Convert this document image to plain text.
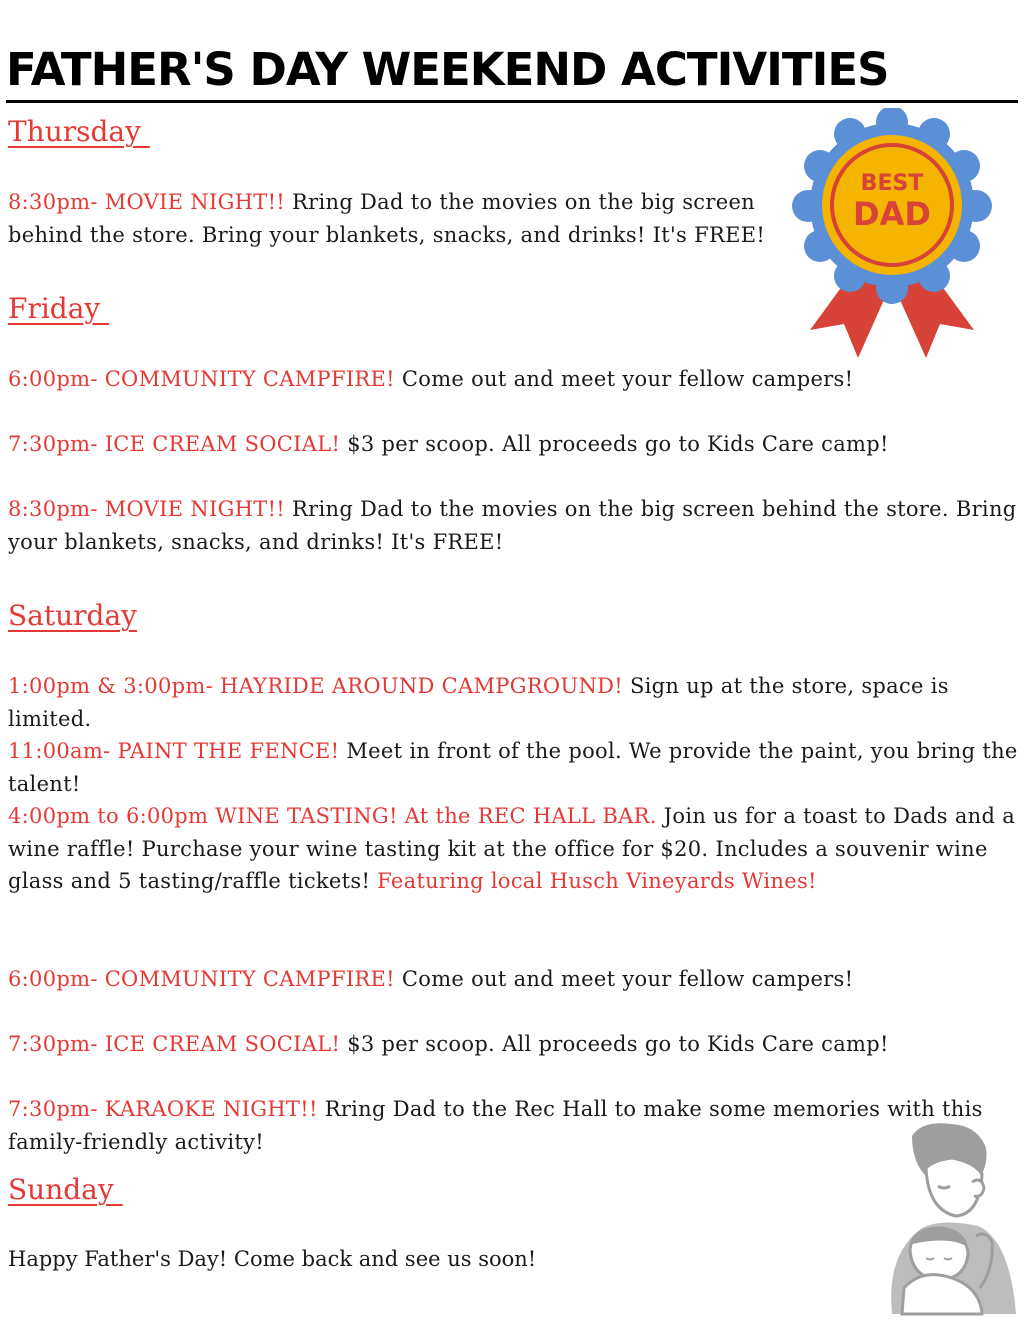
FATHER'S DAY WEEKEND ACTIVITIES
Thursday

8:30pm- MOVIE NIGHT!! Rring Dad to the movies on the big screen behind the store. Bring your blankets, snacks, and drinks! It's FREE!

Friday

6:00pm- COMMUNITY CAMPFIRE! Come out and meet your fellow campers!

7:30pm- ICE CREAM SOCIAL! $3 per scoop. All proceeds go to Kids Care camp!

8:30pm- MOVIE NIGHT!! Rring Dad to the movies on the big screen behind the store. Bring your blankets, snacks, and drinks! It's FREE!

Saturday

1:00pm & 3:00pm- HAYRIDE AROUND CAMPGROUND! Sign up at the store, space is limited.

11:00am- PAINT THE FENCE! Meet in front of the pool. We provide the paint, you bring the talent!

4:00pm to 6:00pm WINE TASTING! At the REC HALL BAR. Join us for a toast to Dads and a wine raffle! Purchase your wine tasting kit at the office for $20. Includes a souvenir wine glass and 5 tasting/raffle tickets! Featuring local Husch Vineyards Wines!

6:00pm- COMMUNITY CAMPFIRE! Come out and meet your fellow campers!

7:30pm- ICE CREAM SOCIAL! $3 per scoop. All proceeds go to Kids Care camp!

7:30pm- KARAOKE NIGHT!! Rring Dad to the Rec Hall to make some memories with this family-friendly activity!

Sunday
Happy Father's Day! Come back and see us soon!
BEST
DAD
